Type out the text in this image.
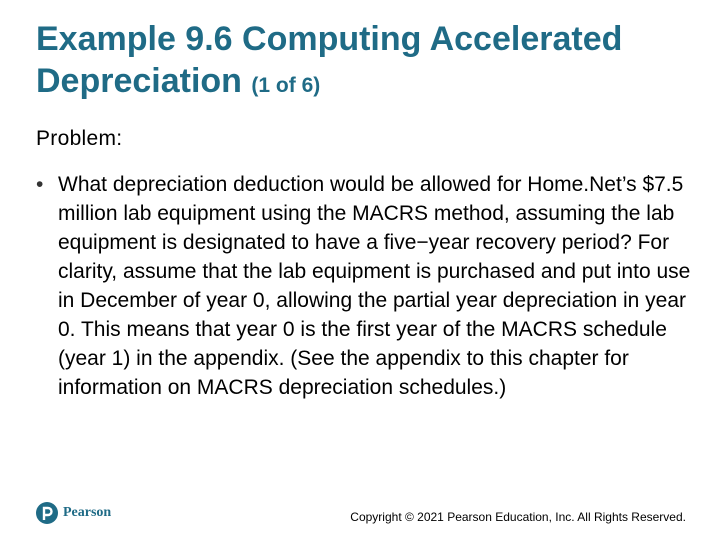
Example 9.6 Computing Accelerated Depreciation (1 of 6)
Problem:
• What depreciation deduction would be allowed for Home.Net’s $7.5 million lab equipment using the MACRS method, assuming the lab equipment is designated to have a five−year recovery period? For clarity, assume that the lab equipment is purchased and put into use in December of year 0, allowing the partial year depreciation in year 0. This means that year 0 is the first year of the MACRS schedule (year 1) in the appendix. (See the appendix to this chapter for information on MACRS depreciation schedules.)
Pearson	Copyright © 2021 Pearson Education, Inc. All Rights Reserved.
